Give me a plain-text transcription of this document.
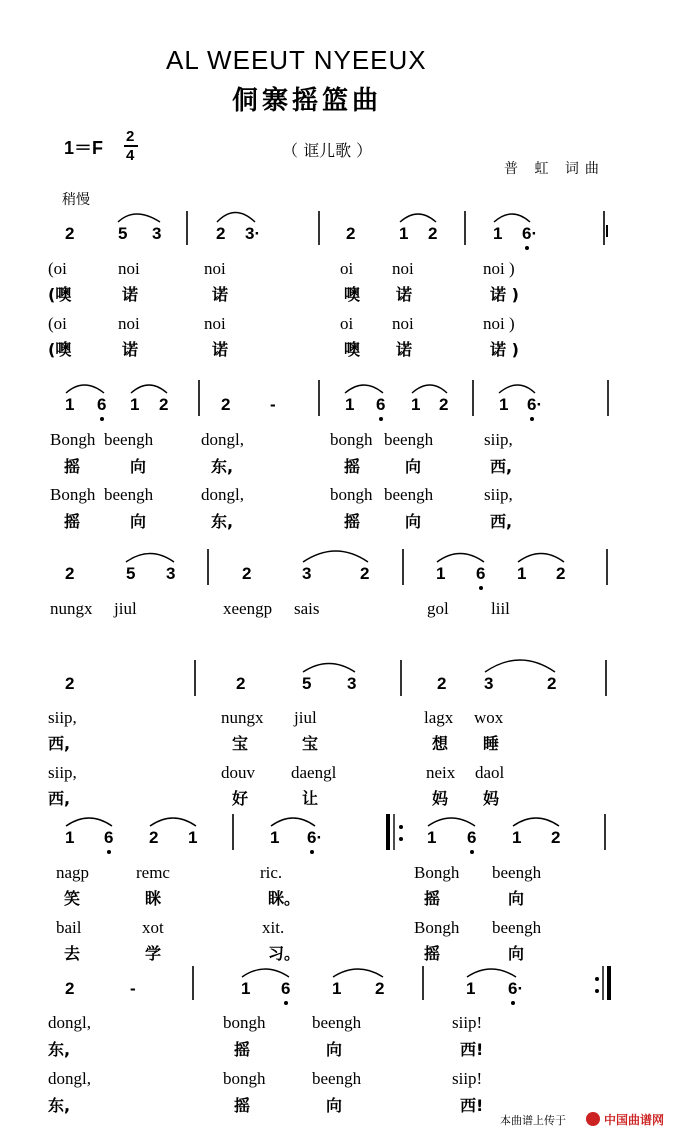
AL WEEUT NYEEUX
侗寨摇篮曲
1＝F
2
4	（ 诓儿歌 ）
普 虹 词曲
稍慢
2	5 3	2 3·	2	1 2	1 6·
(oi	noi	noi	oi noi	noi )
(噢	诺	诺	噢 诺	诺 )
(oi	noi	noi	oi noi	noi )
(噢	诺	诺	噢 诺	诺 )
1 6 1 2	2 -	1 6 1 2	1 6·
Bongh beengh	dongl,	bongh beengh	siip,
摇	向	东,	摇	向	西,
Bongh beengh	dongl,	bongh beengh	siip,
摇	向	东,	摇	向	西,
2	5 3	2	3	2	1 6 1 2
nungx jiul	xeengp sais	gol liil
2	2	5 3	2 3	2
siip,	nungx jiul	lagx wox
西,	宝	宝	想 睡
siip,	douv daengl	neix daol
西,	好	让	妈 妈
1 6 2 1	1 6·	1 6 1 2
nagp	remc	ric.	Bongh beengh
笑	眯	眯。	摇	向
bail	xot	xit.	Bongh beengh
去	学	习。	摇	向
2	-	1 6 1 2	1 6·
dongl,	bongh	beengh	siip!
东,	摇	向	西!
dongl,	bongh	beengh	siip!
东,	摇	向	西!
本曲谱上传于	中国曲谱网
